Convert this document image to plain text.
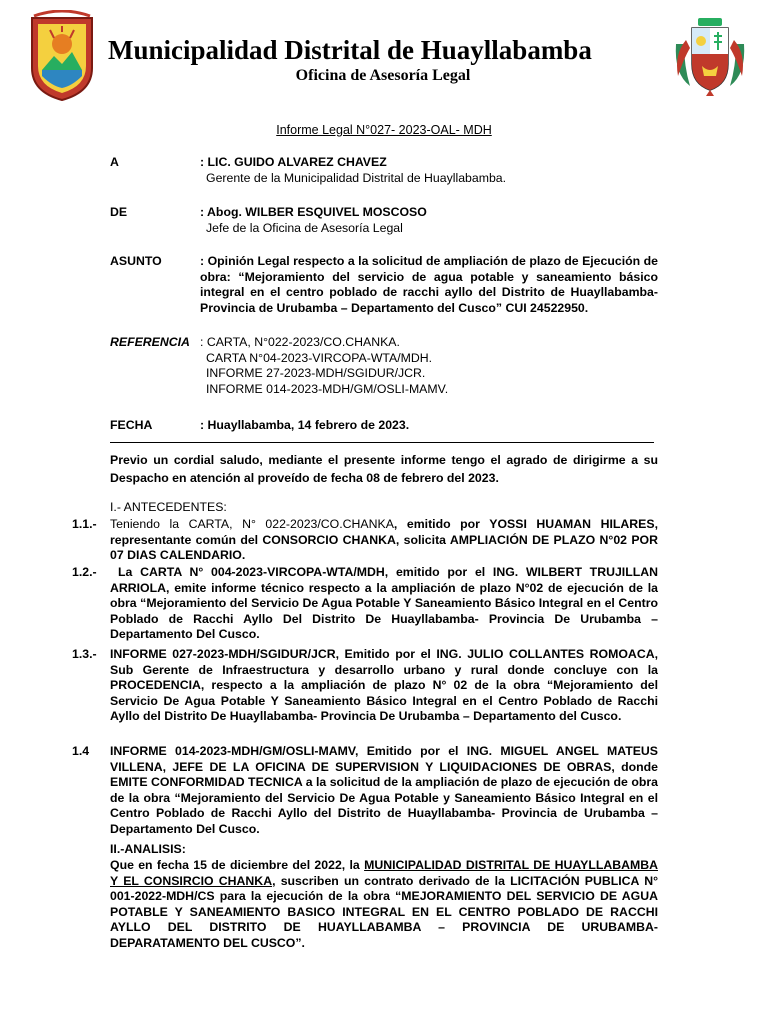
Municipalidad Distrital de Huayllabamba
Oficina de Asesoría Legal
Informe Legal N°027- 2023-OAL- MDH
A	: LIC. GUIDO ALVAREZ CHAVEZ
Gerente de la Municipalidad Distrital de Huayllabamba.
DE	: Abog. WILBER ESQUIVEL MOSCOSO
Jefe de la Oficina de Asesoría Legal
ASUNTO	: Opinión Legal respecto a la solicitud de ampliación de plazo de Ejecución de obra: “Mejoramiento del servicio de agua potable y saneamiento básico integral en el centro poblado de racchi ayllo del Distrito de Huayllabamba-Provincia de Urubamba – Departamento del Cusco” CUI 24522950.
REFERENCIA : CARTA, N°022-2023/CO.CHANKA.
CARTA N°04-2023-VIRCOPA-WTA/MDH.
INFORME 27-2023-MDH/SGIDUR/JCR.
INFORME 014-2023-MDH/GM/OSLI-MAMV.
FECHA	: Huayllabamba, 14 febrero de 2023.
Previo un cordial saludo, mediante el presente informe tengo el agrado de dirigirme a su Despacho en atención al proveído de fecha 08 de febrero del 2023.
I.- ANTECEDENTES:
1.1.-	Teniendo la CARTA, N° 022-2023/CO.CHANKA, emitido por YOSSI HUAMAN HILARES, representante común del CONSORCIO CHANKA, solicita AMPLIACIÓN DE PLAZO N°02 POR 07 DIAS CALENDARIO.
1.2.-	La CARTA N° 004-2023-VIRCOPA-WTA/MDH, emitido por el ING. WILBERT TRUJILLAN ARRIOLA, emite informe técnico respecto a la ampliación de plazo N°02 de ejecución de la obra “Mejoramiento del Servicio De Agua Potable Y Saneamiento Básico Integral en el Centro Poblado de Racchi Ayllo Del Distrito De Huayllabamba- Provincia De Urubamba – Departamento Del Cusco.
1.3.-	INFORME 027-2023-MDH/SGIDUR/JCR, Emitido por el ING. JULIO COLLANTES ROMOACA, Sub Gerente de Infraestructura y desarrollo urbano y rural donde concluye con la PROCEDENCIA, respecto a la ampliación de plazo N° 02 de la obra “Mejoramiento del Servicio De Agua Potable Y Saneamiento Básico Integral en el Centro Poblado de Racchi Ayllo del Distrito De Huayllabamba- Provincia De Urubamba – Departamento del Cusco.
1.4	INFORME 014-2023-MDH/GM/OSLI-MAMV, Emitido por el ING. MIGUEL ANGEL MATEUS VILLENA, JEFE DE LA OFICINA DE SUPERVISION Y LIQUIDACIONES DE OBRAS, donde EMITE CONFORMIDAD TECNICA a la solicitud de la ampliación de plazo de ejecución de obra de la obra “Mejoramiento del Servicio De Agua Potable y Saneamiento Básico Integral en el Centro Poblado de Racchi Ayllo del Distrito de Huayllabamba- Provincia de Urubamba – Departamento Del Cusco.
II.-ANALISIS:
Que en fecha 15 de diciembre del 2022, la MUNICIPALIDAD DISTRITAL DE HUAYLLABAMBA Y EL CONSIRCIO CHANKA, suscriben un contrato derivado de la LICITACIÓN PUBLICA N° 001-2022-MDH/CS para la ejecución de la obra “MEJORAMIENTO DEL SERVICIO DE AGUA POTABLE Y SANEAMIENTO BASICO INTEGRAL EN EL CENTRO POBLADO DE RACCHI AYLLO DEL DISTRITO DE HUAYLLABAMBA – PROVINCIA DE URUBAMBA- DEPARATAMENTO DEL CUSCO”.
